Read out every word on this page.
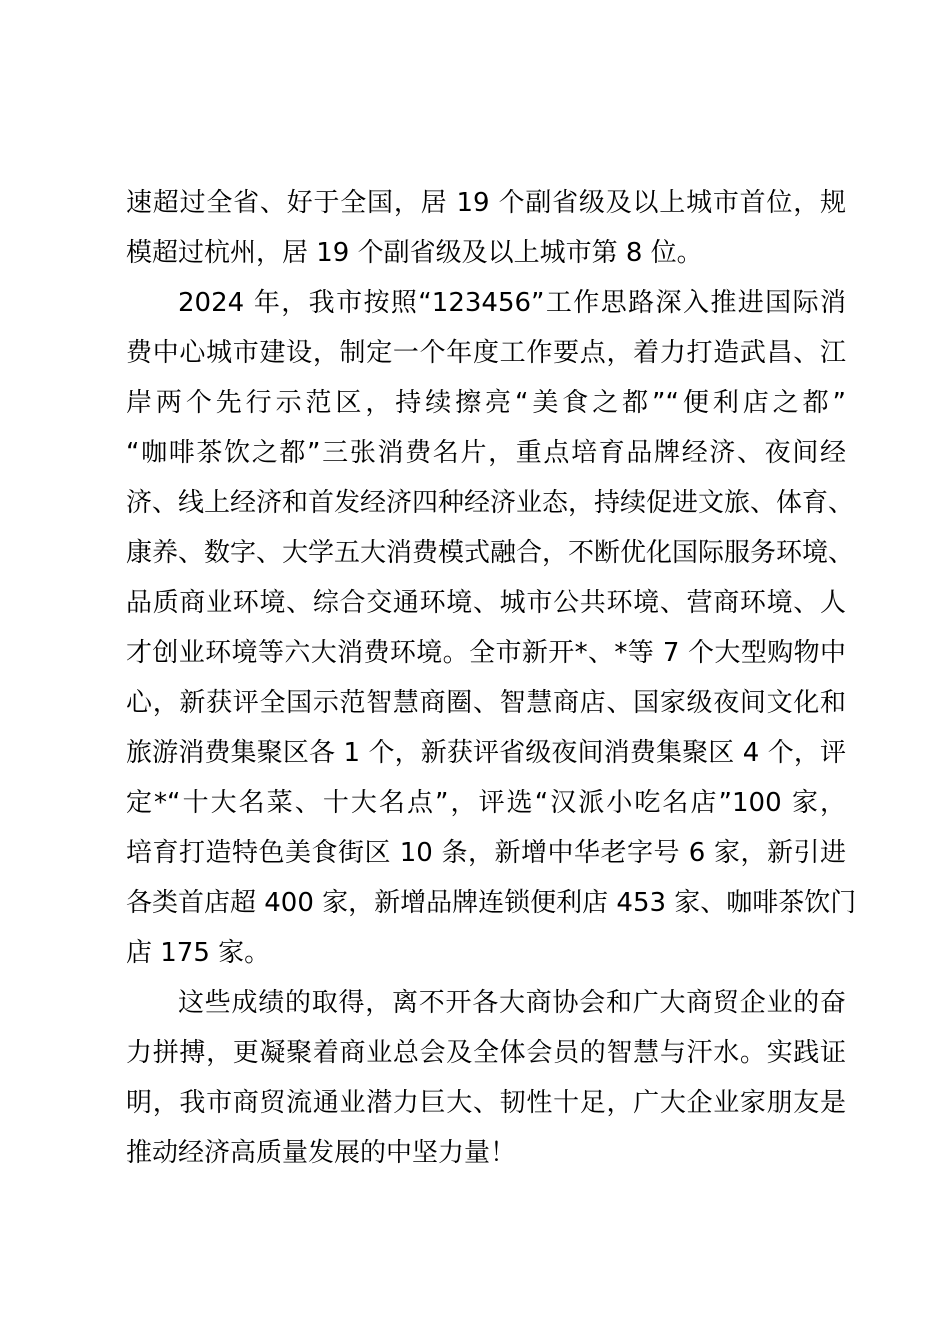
速超过全省、好于全国，居 19 个副省级及以上城市首位，规
模超过杭州，居 19 个副省级及以上城市第 8 位。
2024 年，我市按照“123456”工作思路深入推进国际消
费中心城市建设，制定一个年度工作要点，着力打造武昌、江
岸两个先行示范区，持续擦亮“美食之都”“便利店之都”
“咖啡茶饮之都”三张消费名片，重点培育品牌经济、夜间经
济、线上经济和首发经济四种经济业态，持续促进文旅、体育、
康养、数字、大学五大消费模式融合，不断优化国际服务环境、
品质商业环境、综合交通环境、城市公共环境、营商环境、人
才创业环境等六大消费环境。全市新开*、*等 7 个大型购物中
心，新获评全国示范智慧商圈、智慧商店、国家级夜间文化和
旅游消费集聚区各 1 个，新获评省级夜间消费集聚区 4 个，评
定*“十大名菜、十大名点”，评选“汉派小吃名店”100 家，
培育打造特色美食街区 10 条，新增中华老字号 6 家，新引进
各类首店超 400 家，新增品牌连锁便利店 453 家、咖啡茶饮门
店 175 家。
这些成绩的取得，离不开各大商协会和广大商贸企业的奋
力拼搏，更凝聚着商业总会及全体会员的智慧与汗水。实践证
明，我市商贸流通业潜力巨大、韧性十足，广大企业家朋友是
推动经济高质量发展的中坚力量！
